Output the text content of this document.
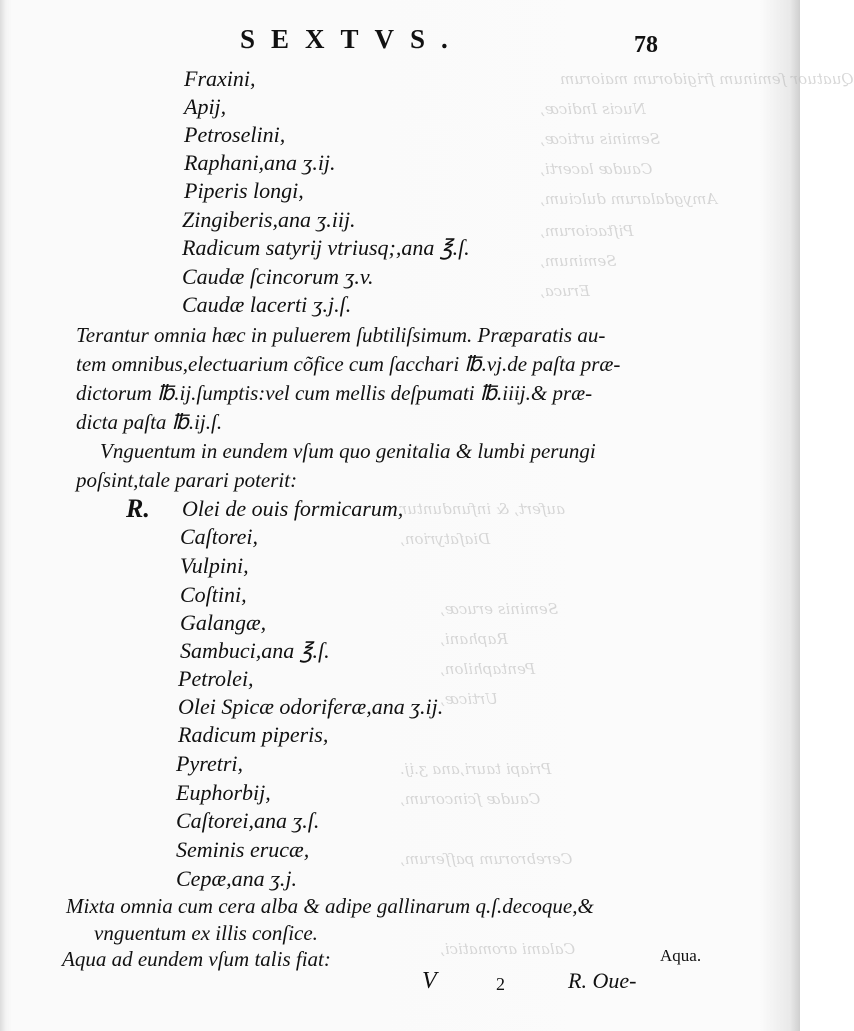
Quatuor ſeminum frigidorum maiorum
Nucis Indicæ,
Seminis urticæ,
Caudæ lacerti,
Amygdalarum dulcium,
Piſtaciorum,
Seminum,
Eruca,
aufert, & infunduntur
Diaſatyrion,
Seminis erucæ,
Raphani,
Pentaphilon,
Urticæ,
Priapi tauri,ana ʒ.ij.
Caudæ ſcincorum,
Cerebrorum paſſerum,
Calami aromatici,
SEXTVS.	78
Fraxini,
Apij,
Petroselini,
Raphani,ana ʒ.ij.
Piperis longi,
Zingiberis,ana ʒ.iij.
Radicum satyrij vtriusq;,ana ℥.ſ.
Caudæ ſcincorum ʒ.v.
Caudæ lacerti ʒ.j.ſ.
Terantur omnia hæc in puluerem ſubtiliſsimum. Præparatis au-
tem omnibus,electuarium cõfice cum ſacchari ℔.vj.de paſta præ-
dictorum ℔.ij.ſumptis:vel cum mellis deſpumati ℔.iiij.& præ-
dicta paſta ℔.ij.ſ.
Vnguentum in eundem vſum quo genitalia & lumbi perungi
poſsint,tale parari poterit:
R. Olei de ouis formicarum,
Caſtorei,
Vulpini,
Coſtini,
Galangæ,
Sambuci,ana ℥.ſ.
Petrolei,
Olei Spicæ odoriferæ,ana ʒ.ij.
Radicum piperis,
Pyretri,
Euphorbij,
Caſtorei,ana ʒ.ſ.
Seminis erucæ,
Cepæ,ana ʒ.j.
Mixta omnia cum cera alba & adipe gallinarum q.ſ.decoque,&
vnguentum ex illis conſice.
Aqua ad eundem vſum talis fiat:	Aqua.
V	2	R. Oue-
